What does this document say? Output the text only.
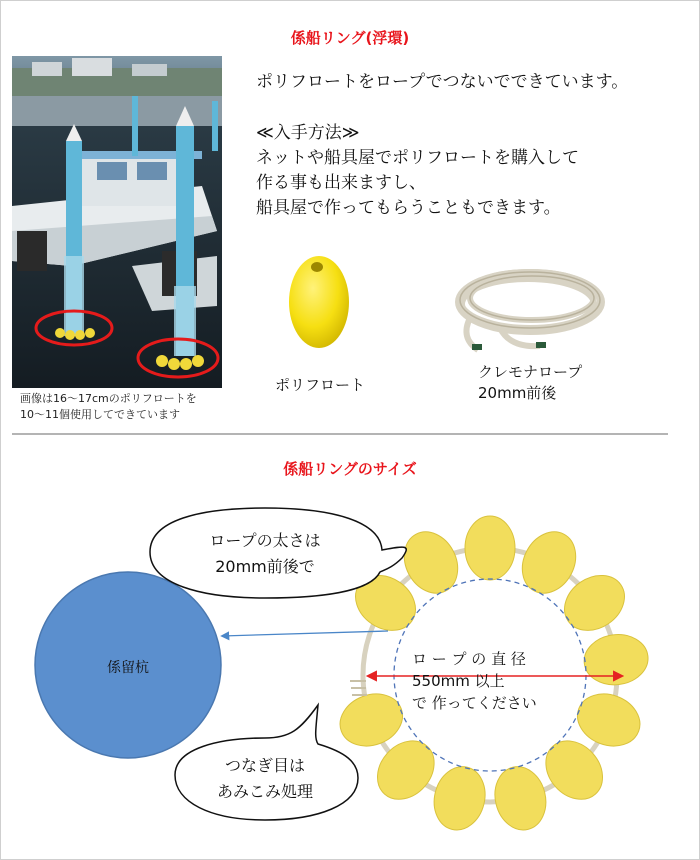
係船リング(浮環)
画像は16～17cmのポリフロートを
10～11個使用してできています
ポリフロートをロープでつないでできています。
≪入手方法≫
ネットや船具屋でポリフロートを購入して
作る事も出来ますし、
船具屋で作ってもらうこともできます。
ポリフロート
クレモナロープ
20mm前後
係船リングのサイズ
係留杭	ロ ー プ の 直 径
550mm 以上
で 作ってください
ロープの太さは
20mm前後で
つなぎ目は
あみこみ処理
